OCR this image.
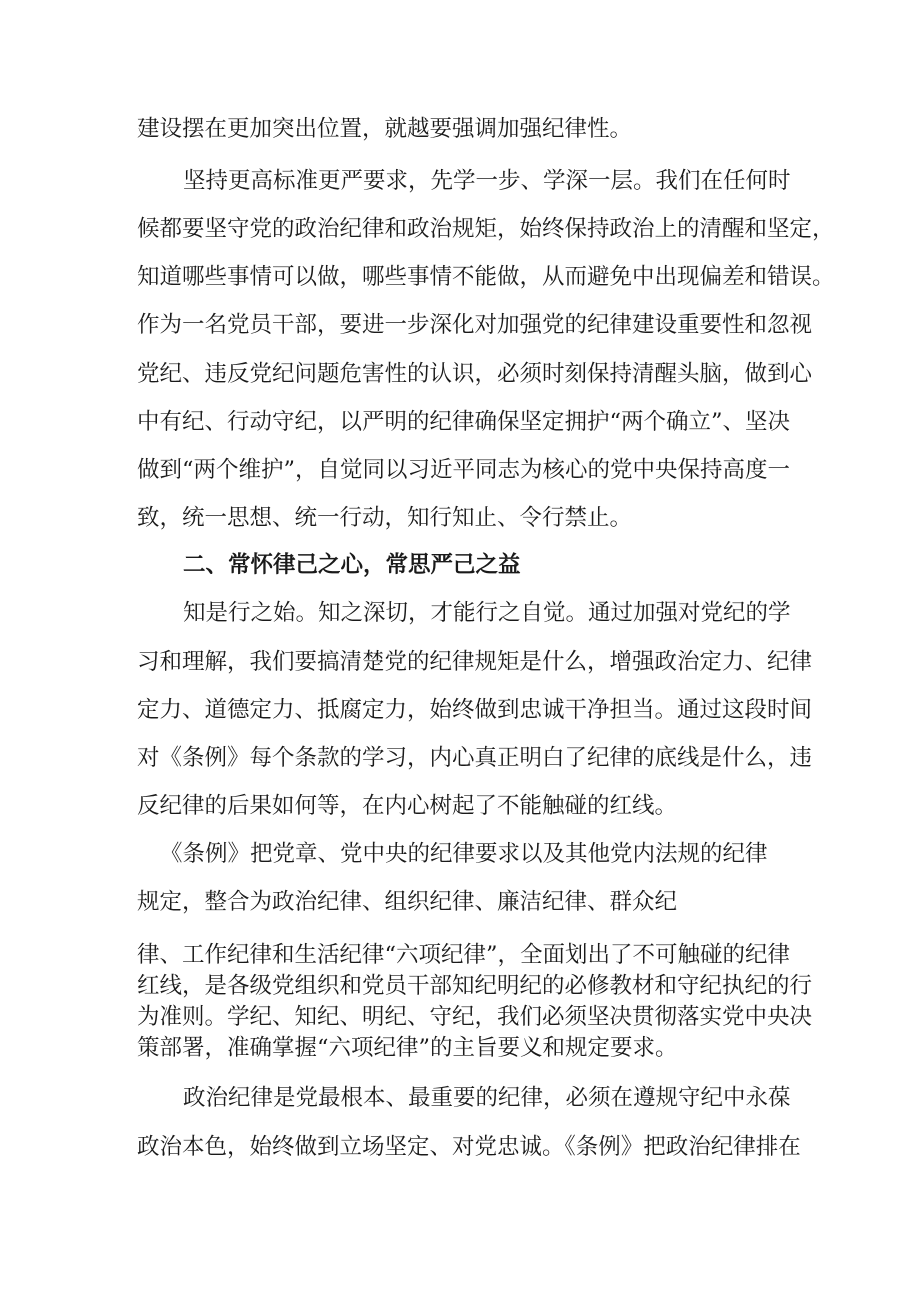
建设摆在更加突出位置，就越要强调加强纪律性。
坚持更高标准更严要求，先学一步、学深一层。我们在任何时
候都要坚守党的政治纪律和政治规矩，始终保持政治上的清醒和坚定，
知道哪些事情可以做，哪些事情不能做，从而避免中出现偏差和错误。
作为一名党员干部，要进一步深化对加强党的纪律建设重要性和忽视
党纪、违反党纪问题危害性的认识，必须时刻保持清醒头脑，做到心
中有纪、行动守纪，以严明的纪律确保坚定拥护“两个确立”、坚决
做到“两个维护”，自觉同以习近平同志为核心的党中央保持高度一
致，统一思想、统一行动，知行知止、令行禁止。
二、常怀律己之心，常思严己之益
知是行之始。知之深切，才能行之自觉。通过加强对党纪的学
习和理解，我们要搞清楚党的纪律规矩是什么，增强政治定力、纪律
定力、道德定力、抵腐定力，始终做到忠诚干净担当。通过这段时间
对《条例》每个条款的学习，内心真正明白了纪律的底线是什么，违
反纪律的后果如何等，在内心树起了不能触碰的红线。
《条例》把党章、党中央的纪律要求以及其他党内法规的纪律
规定，整合为政治纪律、组织纪律、廉洁纪律、群众纪
律、工作纪律和生活纪律“六项纪律”，全面划出了不可触碰的纪律
红线，是各级党组织和党员干部知纪明纪的必修教材和守纪执纪的行
为准则。学纪、知纪、明纪、守纪，我们必须坚决贯彻落实党中央决
策部署，准确掌握“六项纪律”的主旨要义和规定要求。
政治纪律是党最根本、最重要的纪律，必须在遵规守纪中永葆
政治本色，始终做到立场坚定、对党忠诚。《条例》把政治纪律排在
